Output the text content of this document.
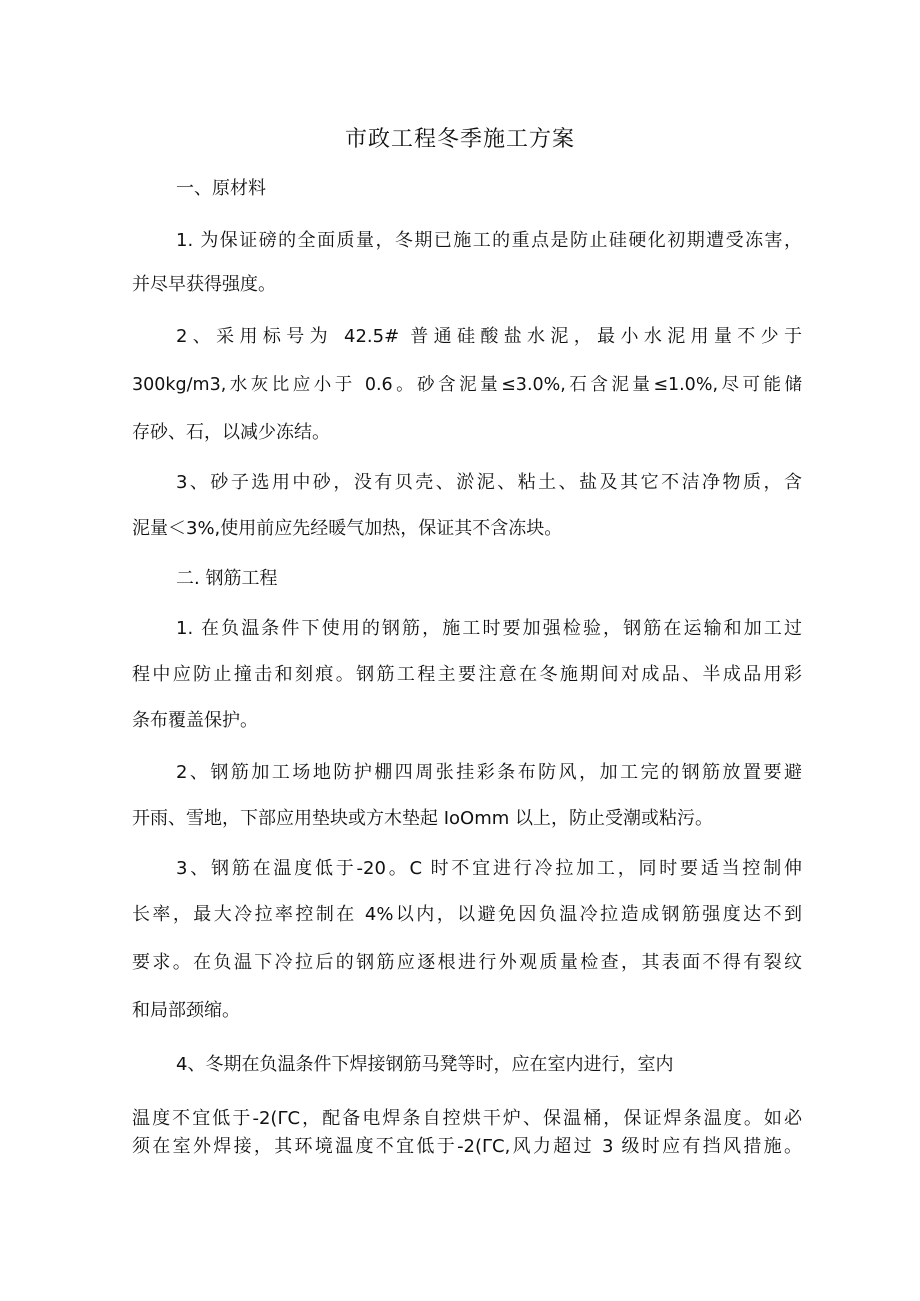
市政工程冬季施工方案
一、原材料
1. 为保证磅的全面质量，冬期已施工的重点是防止硅硬化初期遭受冻害，
并尽早获得强度。
2、采用标号为 42.5# 普通硅酸盐水泥，最小水泥用量不少于
300kg∕m3,水灰比应小于 0.6。砂含泥量≤3.0%,石含泥量≤1.0%,尽可能储
存砂、石，以减少冻结。
3、砂子选用中砂，没有贝壳、淤泥、粘土、盐及其它不洁净物质，含
泥量＜3%,使用前应先经暖气加热，保证其不含冻块。
二. 钢筋工程
1. 在负温条件下使用的钢筋，施工时要加强检验，钢筋在运输和加工过
程中应防止撞击和刻痕。钢筋工程主要注意在冬施期间对成品、半成品用彩
条布覆盖保护。
2、钢筋加工场地防护棚四周张挂彩条布防风，加工完的钢筋放置要避
开雨、雪地，下部应用垫块或方木垫起 IoOmm 以上，防止受潮或粘污。
3、钢筋在温度低于-20。C 时不宜进行冷拉加工，同时要适当控制伸
长率，最大冷拉率控制在 4%以内，以避免因负温冷拉造成钢筋强度达不到
要求。在负温下冷拉后的钢筋应逐根进行外观质量检查，其表面不得有裂纹
和局部颈缩。
4、冬期在负温条件下焊接钢筋马凳等时，应在室内进行，室内
温度不宜低于-2(ΓC，配备电焊条自控烘干炉、保温桶，保证焊条温度。如必
须在室外焊接，其环境温度不宜低于-2(ΓC,风力超过 3 级时应有挡风措施。
